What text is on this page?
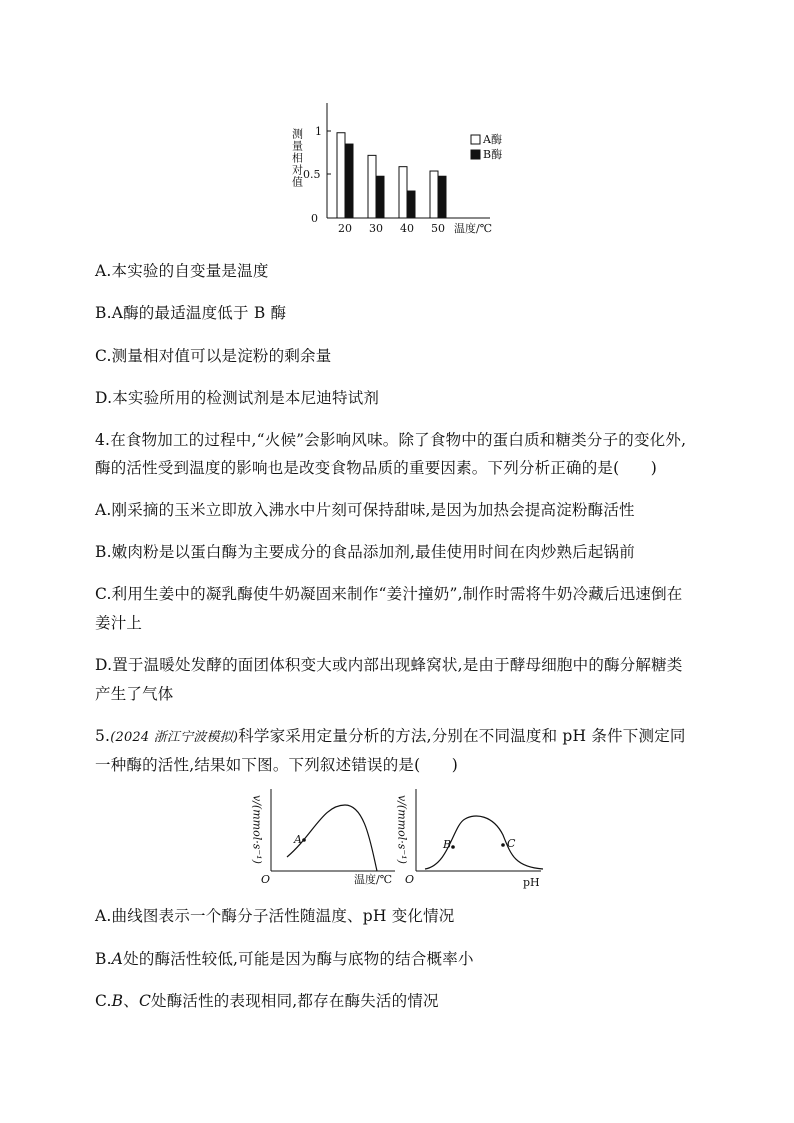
测量相对值
0
0.5
1
20 30 40 50 温度/℃
A酶
B酶
A.本实验的自变量是温度
B.A酶的最适温度低于 B 酶
C.测量相对值可以是淀粉的剩余量
D.本实验所用的检测试剂是本尼迪特试剂
4.在食物加工的过程中,“火候”会影响风味。除了食物中的蛋白质和糖类分子的变化外,
酶的活性受到温度的影响也是改变食物品质的重要因素。下列分析正确的是(　　)
A.刚采摘的玉米立即放入沸水中片刻可保持甜味,是因为加热会提高淀粉酶活性
B.嫩肉粉是以蛋白酶为主要成分的食品添加剂,最佳使用时间在肉炒熟后起锅前
C.利用生姜中的凝乳酶使牛奶凝固来制作“姜汁撞奶”,制作时需将牛奶冷藏后迅速倒在
姜汁上
D.置于温暖处发酵的面团体积变大或内部出现蜂窝状,是由于酵母细胞中的酶分解糖类
产生了气体
5.(2024 浙江宁波模拟)科学家采用定量分析的方法,分别在不同温度和 pH 条件下测定同
一种酶的活性,结果如下图。下列叙述错误的是(　　)
v/(mmol·s⁻¹)
O	温度/℃
A	v/(mmol·s⁻¹)
O	pH
B	C
A.曲线图表示一个酶分子活性随温度、pH 变化情况
B.A处的酶活性较低,可能是因为酶与底物的结合概率小
C.B、C处酶活性的表现相同,都存在酶失活的情况
